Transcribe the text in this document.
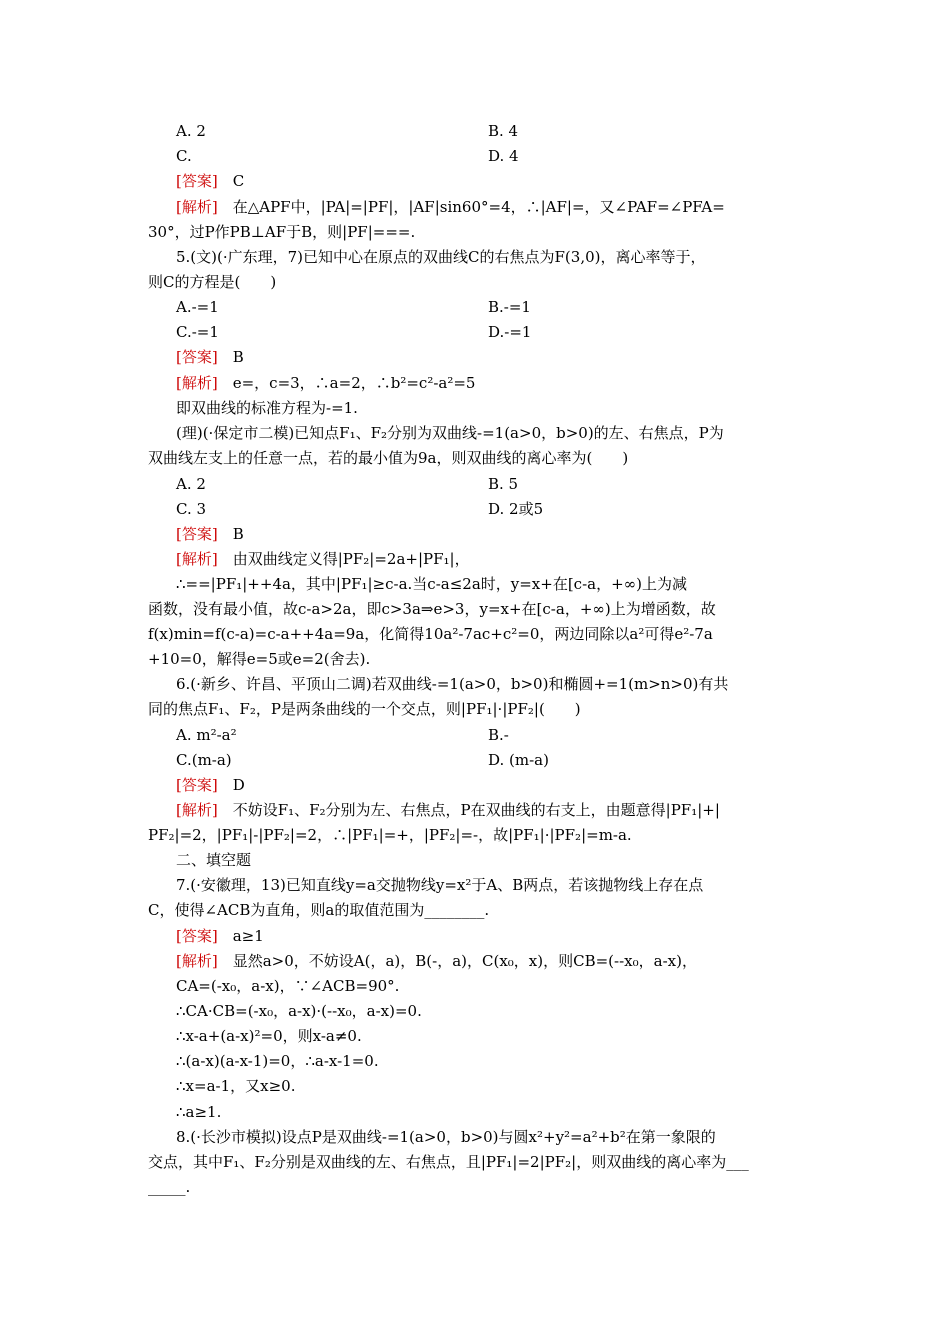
A. 2	B. 4
C.	D. 4
[答案]  C
[解析]  在△APF中，|PA|=|PF|，|AF|sin60°=4，∴|AF|=，又∠PAF=∠PFA=
30°，过P作PB⊥AF于B，则|PF|===.
5.(文)(·广东理，7)已知中心在原点的双曲线C的右焦点为F(3,0)，离心率等于，
则C的方程是(　　)
A.-=1	B.-=1
C.-=1	D.-=1
[答案]  B
[解析]  e=，c=3，∴a=2，∴b²=c²-a²=5
即双曲线的标准方程为-=1.
(理)(·保定市二模)已知点F₁、F₂分别为双曲线-=1(a>0，b>0)的左、右焦点，P为
双曲线左支上的任意一点，若的最小值为9a，则双曲线的离心率为(　　)
A. 2	B. 5
C. 3	D. 2或5
[答案]  B
[解析]  由双曲线定义得|PF₂|=2a+|PF₁|，
∴==|PF₁|++4a，其中|PF₁|≥c-a.当c-a≤2a时，y=x+在[c-a，+∞)上为减
函数，没有最小值，故c-a>2a，即c>3a⇒e>3，y=x+在[c-a，+∞)上为增函数，故
f(x)min=f(c-a)=c-a++4a=9a，化简得10a²-7ac+c²=0，两边同除以a²可得e²-7a
+10=0，解得e=5或e=2(舍去).
6.(·新乡、许昌、平顶山二调)若双曲线-=1(a>0，b>0)和椭圆+=1(m>n>0)有共
同的焦点F₁、F₂，P是两条曲线的一个交点，则|PF₁|·|PF₂|(　　)
A. m²-a²	B.-
C.(m-a)	D. (m-a)
[答案]  D
[解析]  不妨设F₁、F₂分别为左、右焦点，P在双曲线的右支上，由题意得|PF₁|+|
PF₂|=2，|PF₁|-|PF₂|=2，∴|PF₁|=+，|PF₂|=-，故|PF₁|·|PF₂|=m-a.
二、填空题
7.(·安徽理，13)已知直线y=a交抛物线y=x²于A、B两点，若该抛物线上存在点
C，使得∠ACB为直角，则a的取值范围为________.
[答案]  a≥1
[解析]  显然a>0，不妨设A(，a)，B(-，a)，C(x₀，x)，则CB=(--x₀，a-x)，
CA=(-x₀，a-x)，∵∠ACB=90°.
∴CA·CB=(-x₀，a-x)·(--x₀，a-x)=0.
∴x-a+(a-x)²=0，则x-a≠0.
∴(a-x)(a-x-1)=0，∴a-x-1=0.
∴x=a-1，又x≥0.
∴a≥1.
8.(·长沙市模拟)设点P是双曲线-=1(a>0，b>0)与圆x²+y²=a²+b²在第一象限的
交点，其中F₁、F₂分别是双曲线的左、右焦点，且|PF₁|=2|PF₂|，则双曲线的离心率为___
_____.
